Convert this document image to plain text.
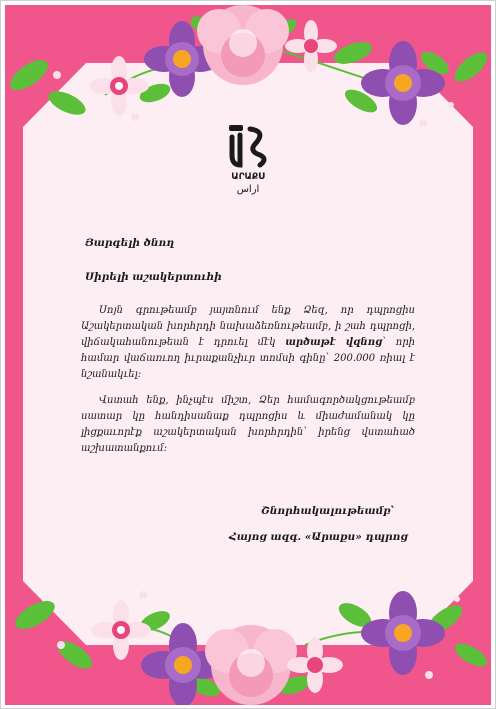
ԱՐԱՔՍ
اراس
Յարգելի ծնող
Սիրելի աշակերտուհի

Սոյն գրութեամբ յայտնում ենք Ձեզ, որ դպրոցիս Աշակերտական խորհրդի նախաձեռնութեամբ, ի շահ դպրոցի, վիճակահանութեան է դրուել մէկ արծաթէ վզնոց՝ որի համար վաճառւող իւրաքանչիւր տոմսի գինը՝ 200.000 ռիալ է նշանակւել։

Վստահ ենք, ինչպէս միշտ, Ձեր համագործակցութեամբ սատար կը հանդիսանաք դպրոցիս և միաժամանակ կը լիցքաւորէք աշակերտական խորհրդին՝ իրենց վստահած աշխատանքում։

Շնորհակալութեամբ՝
Հայոց ազգ. «Արաքս» դպրոց
